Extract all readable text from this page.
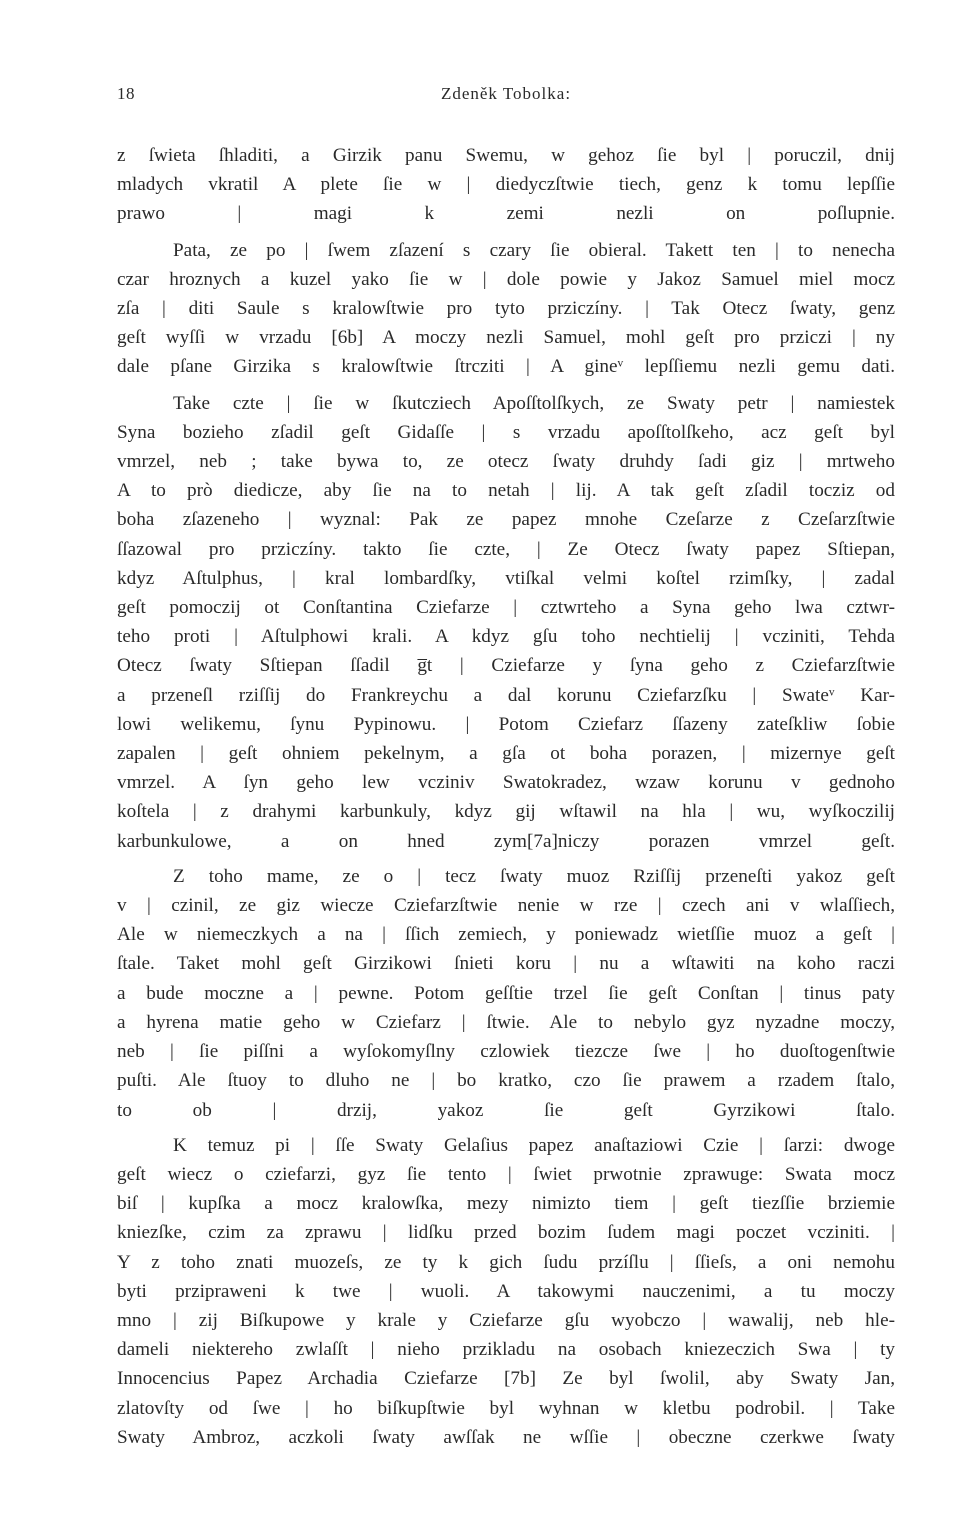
18	Zdeněk Tobolka:

z ſwieta ſhladiti, a Girzik panu Swemu, w gehoz ſie byl | poruczil, dnij
mladych vkratil A plete ſie w | diedyczſtwie tiech, genz k tomu lepſſie
prawo | magi k zemi nezli on poſlupnie.

Pata, ze po | ſwem zſazení s czary ſie obieral. Takett ten | to nenecha
czar hroznych a kuzel yako ſie w | dole powie y Jakoz Samuel miel mocz
zſa | diti Saule s kralowſtwie pro tyto prziczíny. | Tak Otecz ſwaty, genz
geſt wyſſi w vrzadu [6b] A moczy nezli Samuel, mohl geſt pro prziczi | ny
dale pſane Girzika s kralowſtwie ſtrcziti | A gineᵛ lepſſiemu nezli gemu dati.

Take czte | ſie w ſkutcziech Apoſſtolſkych, ze Swaty petr | namiestek
Syna bozieho zſadil geſt Gidaſſe | s vrzadu apoſſtolſkeho, acz geſt byl
vmrzel, neb ; take bywa to, ze otecz ſwaty druhdy ſadi giz | mrtweho
A to prò diedicze, aby ſie na to netah | lij. A tak geſt zſadil tocziz od
boha zſazeneho | wyznal: Pak ze papez mnohe Czeſarze z Czeſarzſtwie
ſſazowal pro prziczíny. takto ſie czte, | Ze Otecz ſwaty papez Sſtiepan,
kdyz Aſtulphus, | kral lombardſky, vtiſkal velmi koſtel rzimſky, | zadal
geſt pomoczij ot Conſtantina Cziefarze | cztwrteho a Syna geho lwa cztwr-
teho proti | Aſtulphowi krali. A kdyz gſu toho nechtielij | vcziniti, Tehda
Otecz ſwaty Sſtiepan ſſadil g̅t | Cziefarze y ſyna geho z Cziefarzſtwie
a przeneſl rziſſij do Frankreychu a dal korunu Cziefarzſku | Swateᵛ Kar-
lowi welikemu, ſynu Pypinowu. | Potom Cziefarz ſſazeny zateſkliw ſobie
zapalen | geſt ohniem pekelnym, a gſa ot boha porazen, | mizernye geſt
vmrzel. A ſyn geho lew vcziniv Swatokradez, wzaw korunu v gednoho
koſtela | z drahymi karbunkuly, kdyz gij wſtawil na hla | wu, wyſkoczilij
karbunkulowe, a on hned zym[7a]niczy porazen vmrzel geſt.

Z toho mame, ze o | tecz ſwaty muoz Rziſſij przeneſti yakoz geſt
v | czinil, ze giz wiecze Cziefarzſtwie nenie w rze | czech ani v wlaſſiech,
Ale w niemeczkych a na | ſſich zemiech, y poniewadz wietſſie muoz a geſt |
ſtale. Taket mohl geſt Girzikowi ſnieti koru | nu a wſtawiti na koho raczi
a bude moczne a | pewne. Potom geſſtie trzel ſie geſt Conſtan | tinus paty
a hyrena matie geho w Cziefarz | ſtwie. Ale to nebylo gyz nyzadne moczy,
neb | ſie piſſni a wyſokomyſlny czlowiek tiezcze ſwe | ho duoſtogenſtwie
puſti. Ale ſtuoy to dluho ne | bo kratko, czo ſie prawem a rzadem ſtalo,
to ob | drzij, yakoz ſie geſt Gyrzikowi ſtalo.

K temuz pi | ſſe Swaty Gelaſius papez anaſtaziowi Czie | ſarzi: dwoge
geſt wiecz o cziefarzi, gyz ſie tento | ſwiet prwotnie zprawuge: Swata mocz
biſ | kupſka a mocz kralowſka, mezy nimizto tiem | geſt tiezſſie brziemie
kniezſke, czim za zprawu | lidſku przed bozim ſudem magi poczet vcziniti. |
Y z toho znati muozeſs, ze ty k gich ſudu przíſlu | ſſieſs, a oni nemohu
byti przipraweni k twe | wuoli. A takowymi nauczenimi, a tu moczy
mno | zij Biſkupowe y krale y Cziefarze gſu wyobczo | wawalij, neb hle-
dameli niektereho zwlaſſt | nieho przikladu na osobach kniezeczich Swa | ty
Innocencius Papez Archadia Cziefarze [7b] Ze byl ſwolil, aby Swaty Jan,
zlatovſty od ſwe | ho biſkupſtwie byl wyhnan w kletbu podrobil. | Take
Swaty Ambroz, aczkoli ſwaty awſſak ne wſſie | obeczne czerkwe ſwaty
